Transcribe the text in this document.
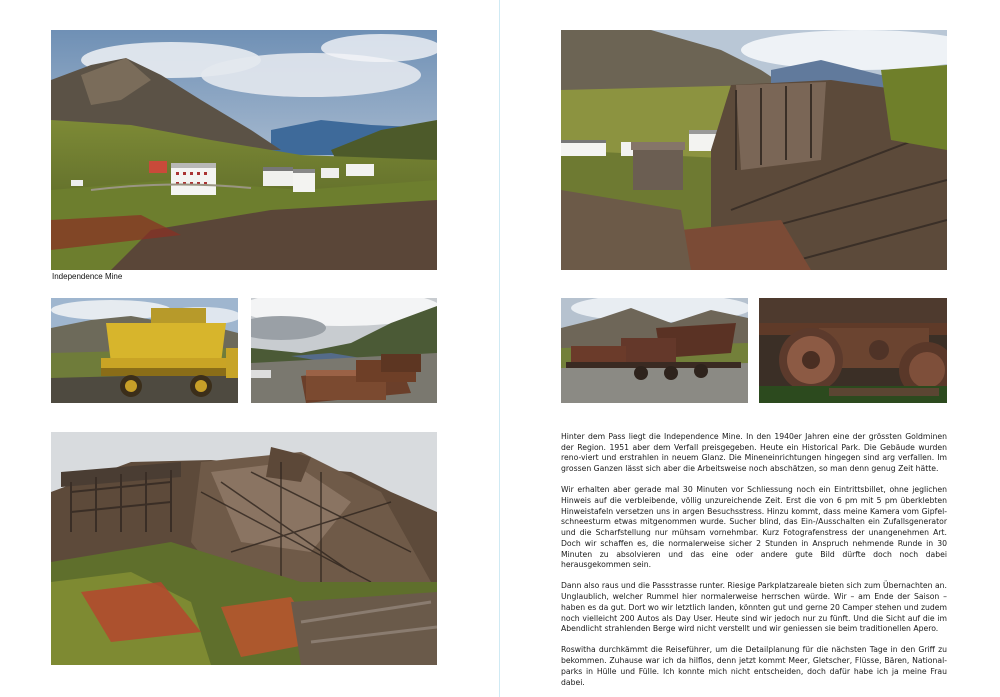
Independence Mine

Hinter dem Pass liegt die Independence Mine. In den 1940er Jahren eine der grössten Goldminen der Region. 1951 aber dem Verfall preisgegeben. Heute ein Historical Park. Die Gebäude wurden reno-viert und erstrahlen in neuem Glanz. Die Mineneinrichtungen hingegen sind arg verfallen. Im grossen Ganzen lässt sich aber die Arbeitsweise noch abschätzen, so man denn genug Zeit hätte.

Wir erhalten aber gerade mal 30 Minuten vor Schliessung noch ein Eintrittsbillet, ohne jeglichen Hinweis auf die verbleibende, völlig unzureichende Zeit. Erst die von 6 pm mit 5 pm überklebten Hinweistafeln versetzen uns in argen Besuchsstress. Hinzu kommt, dass meine Kamera vom Gipfel-schneesturm etwas mitgenommen wurde. Sucher blind, das Ein-/Ausschalten ein Zufallsgenerator und die Scharfstellung nur mühsam vornehmbar. Kurz Fotografenstress der unangenehmen Art. Doch wir schaffen es, die normalerweise sicher 2 Stunden in Anspruch nehmende Runde in 30 Minuten zu absolvieren und das eine oder andere gute Bild dürfte doch noch dabei herausgekommen sein.

Dann also raus und die Passstrasse runter. Riesige Parkplatzareale bieten sich zum Übernachten an. Unglaublich, welcher Rummel hier normalerweise herrschen würde. Wir – am Ende der Saison – haben es da gut. Dort wo wir letztlich landen, könnten gut und gerne 20 Camper stehen und zudem noch vielleicht 200 Autos als Day User. Heute sind wir jedoch nur zu fünft. Und die Sicht auf die im Abendlicht strahlenden Berge wird nicht verstellt und wir geniessen sie beim traditionellen Apero.

Roswitha durchkämmt die Reiseführer, um die Detailplanung für die nächsten Tage in den Griff zu bekommen. Zuhause war ich da hilflos, denn jetzt kommt Meer, Gletscher, Flüsse, Bären, National-parks in Hülle und Fülle. Ich konnte mich nicht entscheiden, doch dafür habe ich ja meine Frau dabei.
